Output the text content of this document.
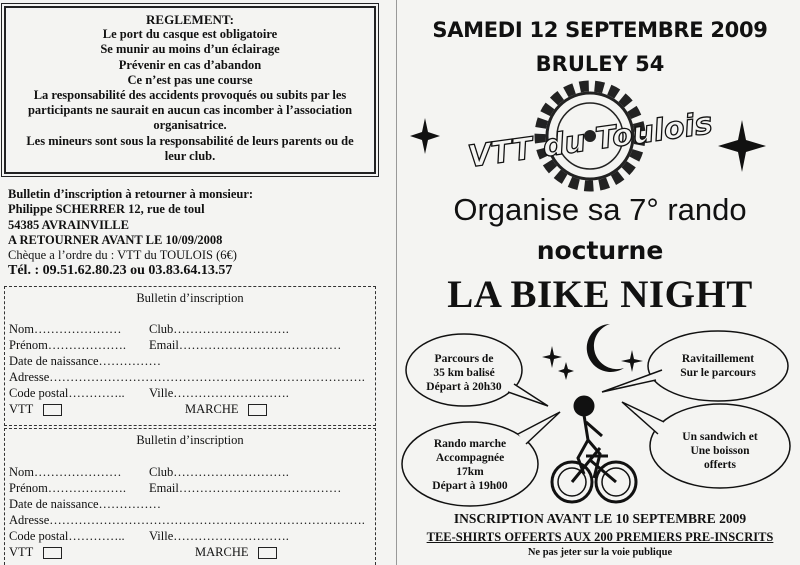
REGLEMENT:
Le port du casque est obligatoire
Se munir au moins d’un éclairage
Prévenir en cas d’abandon
Ce n’est pas une course
La responsabilité des accidents provoqués ou subits par les
participants ne saurait en aucun cas incomber à l’association
organisatrice.
Les mineurs sont sous la responsabilité de leurs parents ou de
leur club.
Bulletin d’inscription à retourner à monsieur:
Philippe SCHERRER 12, rue de toul
54385 AVRAINVILLE
A RETOURNER AVANT LE 10/09/2008
Chèque a l’ordre du : VTT du TOULOIS (6€)
Tél. : 09.51.62.80.23 ou 03.83.64.13.57
Bulletin d’inscription
Nom………………… Club……………………….
Prénom………………. Email…………………………………
Date de naissance……………
Adresse………………………………………………………………….
Code postal………….. Ville……………………….
VTT	MARCHE
Bulletin d’inscription
Nom………………… Club……………………….
Prénom………………. Email…………………………………
Date de naissance……………
Adresse………………………………………………………………….
Code postal………….. Ville……………………….
VTT	MARCHE
SAMEDI 12 SEPTEMBRE 2009
BRULEY 54
VTT du Toulois
Organise sa 7° rando
nocturne
LA BIKE NIGHT
Parcours de
35 km balisé
Départ à 20h30
Ravitaillement
Sur le parcours
Rando marche
Accompagnée
17km
Départ à 19h00
Un sandwich et
Une boisson
offerts
INSCRIPTION AVANT LE 10 SEPTEMBRE 2009
TEE-SHIRTS OFFERTS AUX 200 PREMIERS PRE-INSCRITS
Ne pas jeter sur la voie publique
